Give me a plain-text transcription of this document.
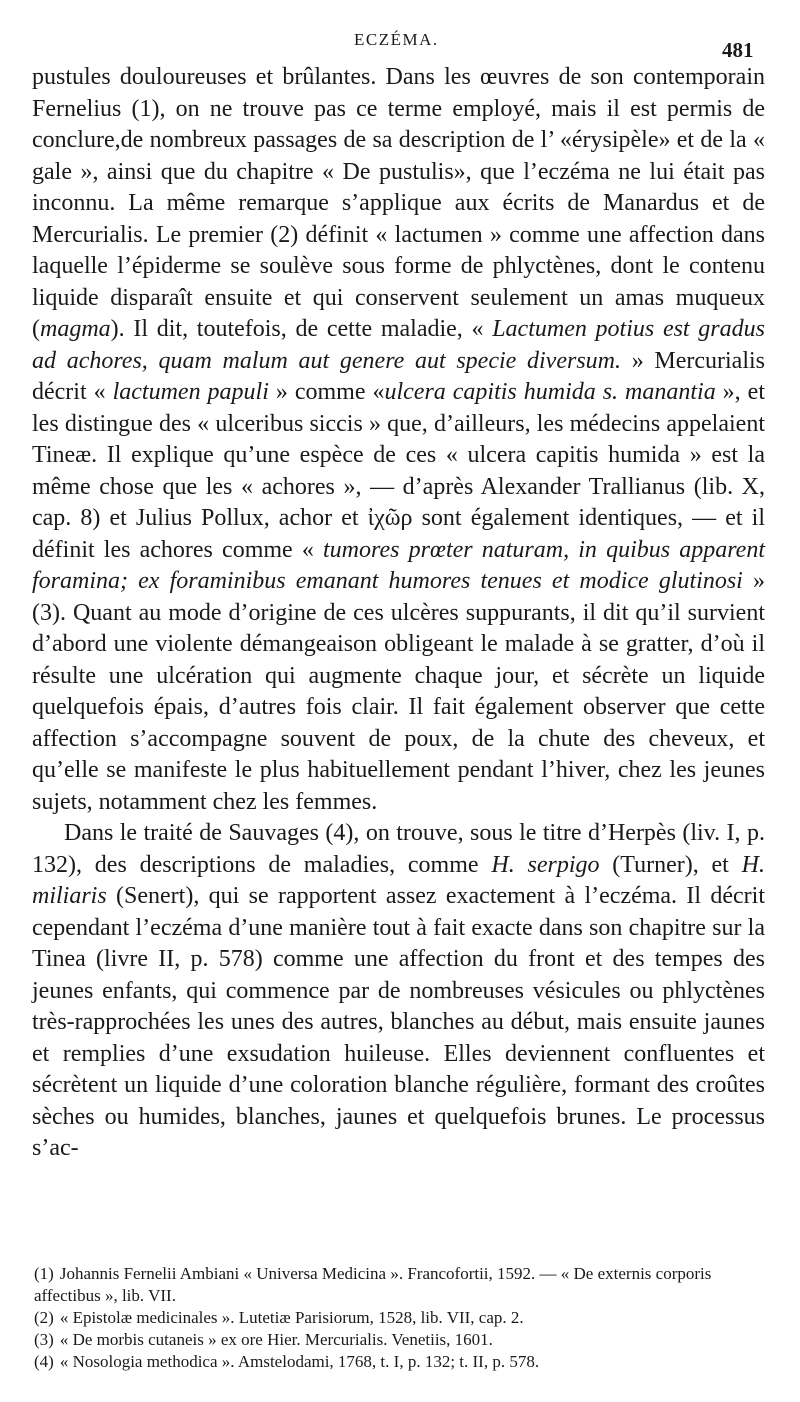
ECZÉMA.	481

pustules douloureuses et brûlantes. Dans les œuvres de son contemporain Fernelius (1), on ne trouve pas ce terme employé, mais il est permis de conclure,de nombreux passages de sa description de l’ «érysipèle» et de la « gale », ainsi que du chapitre « De pustulis», que l’eczéma ne lui était pas inconnu. La même remarque s’applique aux écrits de Manardus et de Mercurialis. Le premier (2) définit « lactumen » comme une affection dans laquelle l’épiderme se soulève sous forme de phlyctènes, dont le contenu liquide disparaît ensuite et qui conservent seulement un amas muqueux (magma). Il dit, toutefois, de cette maladie, « Lactumen potius est gradus ad achores, quam malum aut genere aut specie diversum. » Mercurialis décrit « lactumen papuli » comme «ulcera capitis humida s. manantia », et les distingue des « ulceribus siccis » que, d’ailleurs, les médecins appelaient Tineæ. Il explique qu’une espèce de ces « ulcera capitis humida » est la même chose que les « achores », — d’après Alexander Trallianus (lib. X, cap. 8) et Julius Pollux, achor et ἰχῶρ sont également identiques, — et il définit les achores comme « tumores prœter naturam, in quibus apparent foramina; ex foraminibus emanant humores tenues et modice glutinosi » (3). Quant au mode d’origine de ces ulcères suppurants, il dit qu’il survient d’abord une violente démangeaison obligeant le malade à se gratter, d’où il résulte une ulcération qui augmente chaque jour, et sécrète un liquide quelquefois épais, d’autres fois clair. Il fait également observer que cette affection s’accompagne souvent de poux, de la chute des cheveux, et qu’elle se manifeste le plus habituellement pendant l’hiver, chez les jeunes sujets, notamment chez les femmes.

Dans le traité de Sauvages (4), on trouve, sous le titre d’Herpès (liv. I, p. 132), des descriptions de maladies, comme H. serpigo (Turner), et H. miliaris (Senert), qui se rapportent assez exactement à l’eczéma. Il décrit cependant l’eczéma d’une manière tout à fait exacte dans son chapitre sur la Tinea (livre II, p. 578) comme une affection du front et des tempes des jeunes enfants, qui commence par de nombreuses vésicules ou phlyctènes très-rapprochées les unes des autres, blanches au début, mais ensuite jaunes et remplies d’une exsudation huileuse. Elles deviennent confluentes et sécrètent un liquide d’une coloration blanche régulière, formant des croûtes sèches ou humides, blanches, jaunes et quelquefois brunes. Le processus s’ac-

(1) Johannis Fernelii Ambiani « Universa Medicina ». Francofortii, 1592. — « De externis corporis affectibus », lib. VII.

(2) « Epistolæ medicinales ». Lutetiæ Parisiorum, 1528, lib. VII, cap. 2.

(3) « De morbis cutaneis » ex ore Hier. Mercurialis. Venetiis, 1601.

(4) « Nosologia methodica ». Amstelodami, 1768, t. I, p. 132; t. II, p. 578.
